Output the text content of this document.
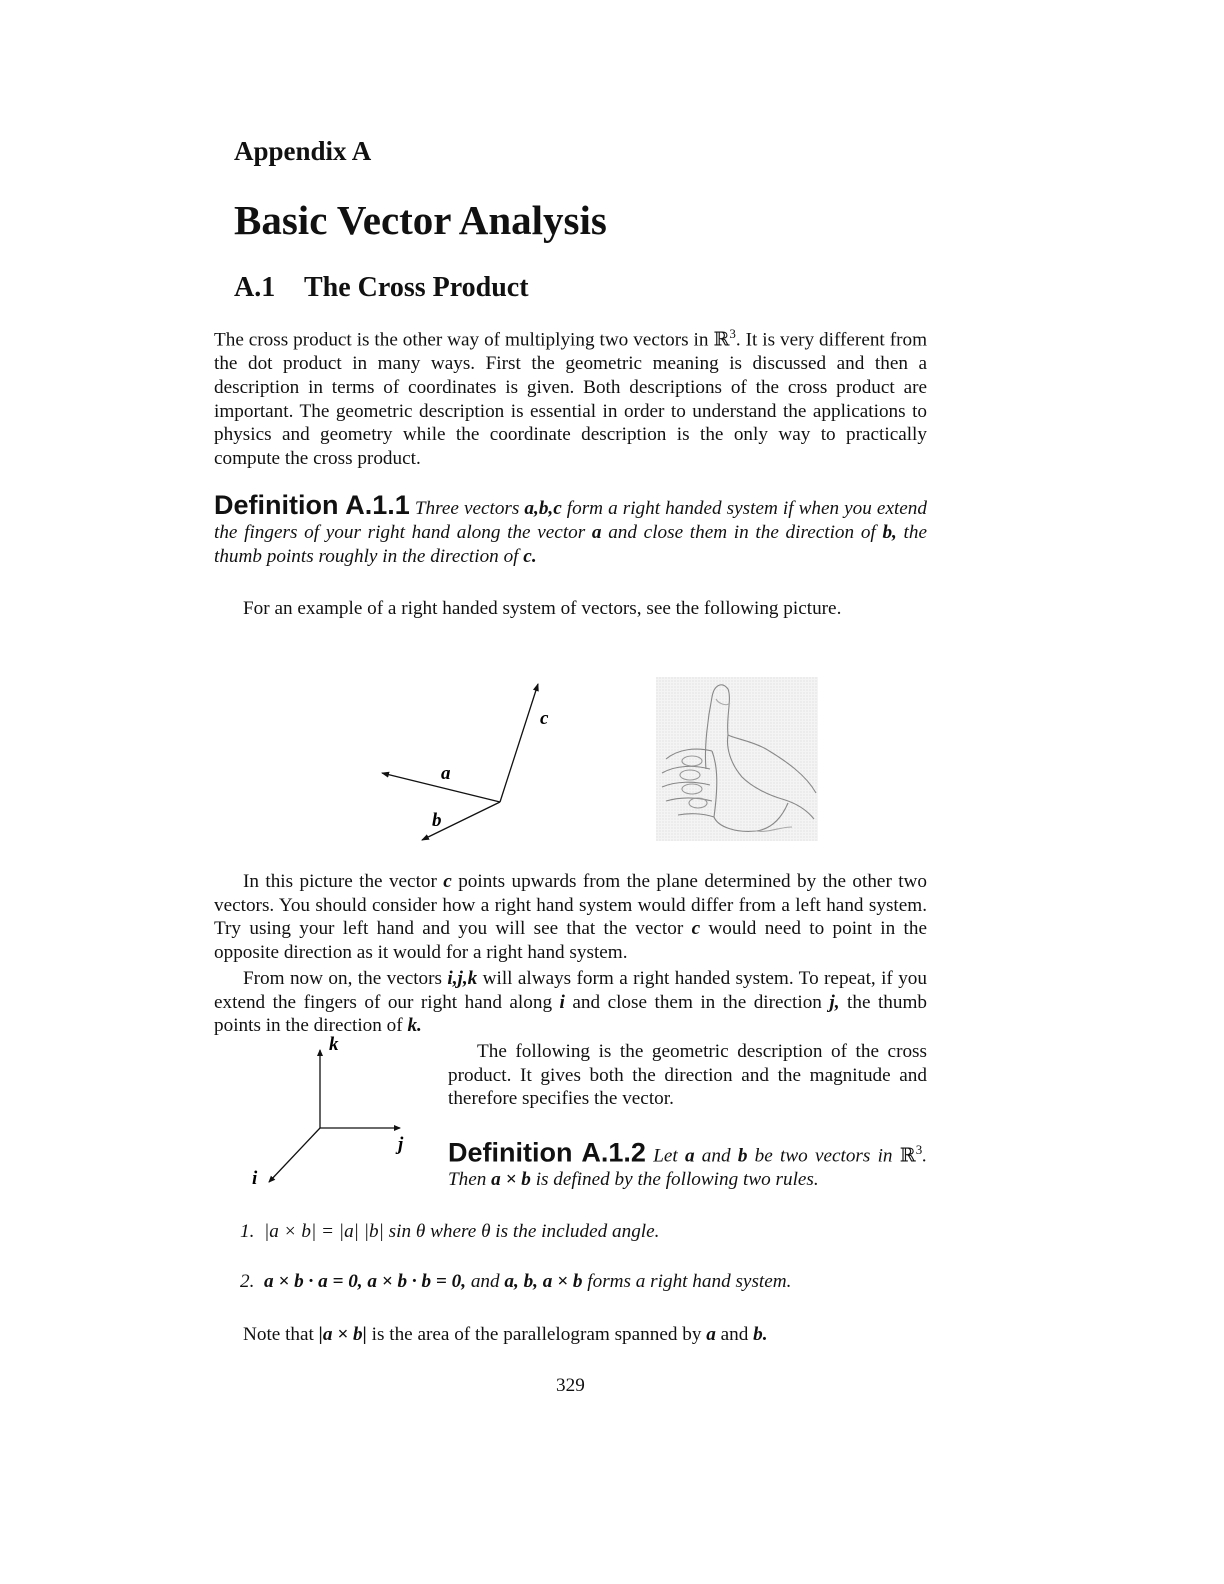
Appendix A
Basic Vector Analysis
A.1 The Cross Product
The cross product is the other way of multiplying two vectors in ℝ$^3$. It is very different from the dot product in many ways. First the geometric meaning is discussed and then a description in terms of coordinates is given. Both descriptions of the cross product are important. The geometric description is essential in order to understand the applications to physics and geometry while the coordinate description is the only way to practically compute the cross product.
Definition A.1.1 Three vectors a,b,c form a right handed system if when you extend the fingers of your right hand along the vector a and close them in the direction of b, the thumb points roughly in the direction of c.
For an example of a right handed system of vectors, see the following picture.
c
a
b
In this picture the vector c points upwards from the plane determined by the other two vectors. You should consider how a right hand system would differ from a left hand system. Try using your left hand and you will see that the vector c would need to point in the opposite direction as it would for a right hand system.
From now on, the vectors i,j,k will always form a right handed system. To repeat, if you extend the fingers of our right hand along i and close them in the direction j, the thumb points in the direction of k.
k
j
i
The following is the geometric description of the cross product. It gives both the direction and the magnitude and therefore specifies the vector.
Definition A.1.2 Let a and b be two vectors in ℝ$^3$. Then a × b is defined by the following two rules.
1. |a × b| = |a| |b| sin θ where θ is the included angle.
2. a × b · a = 0, a × b · b = 0, and a, b, a × b forms a right hand system.
Note that |a × b| is the area of the parallelogram spanned by a and b.
329
